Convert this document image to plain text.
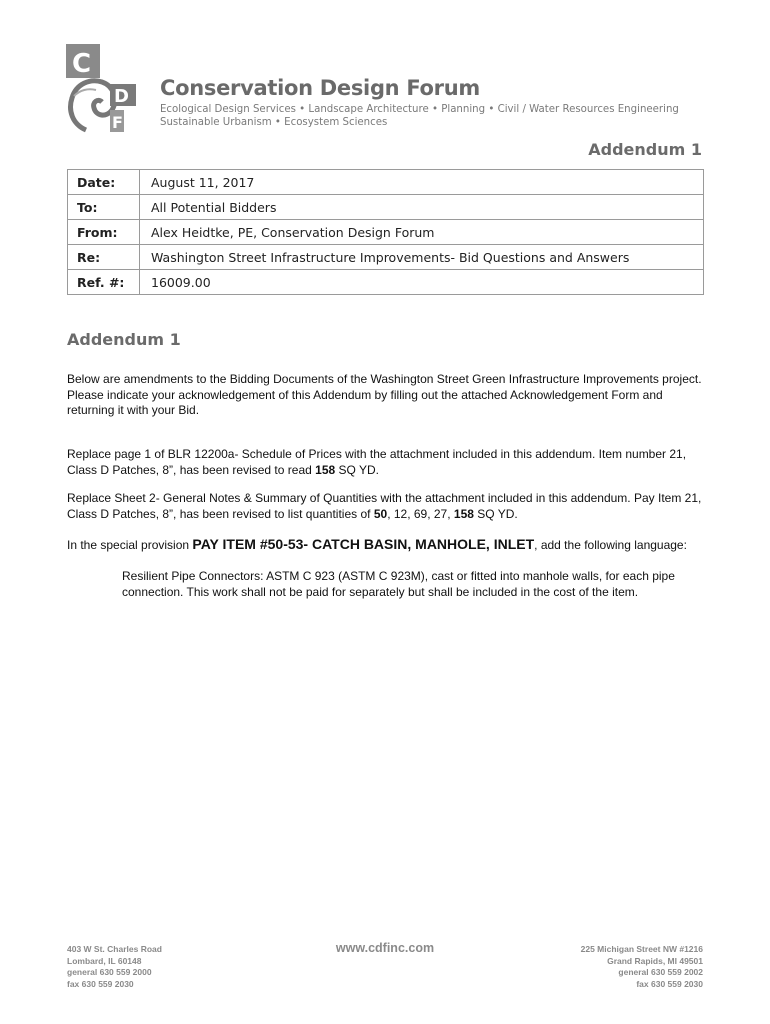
C
D
F
Conservation Design Forum

Ecological Design Services • Landscape Architecture • Planning • Civil / Water Resources Engineering
Sustainable Urbanism • Ecosystem Sciences

Addendum 1
Date:	August 11, 2017
To:	All Potential Bidders
From:	Alex Heidtke, PE, Conservation Design Forum
Re:	Washington Street Infrastructure Improvements- Bid Questions and Answers
Ref. #:	16009.00
Addendum 1

Below are amendments to the Bidding Documents of the Washington Street Green Infrastructure Improvements project. Please indicate your acknowledgement of this Addendum by filling out the attached Acknowledgement Form and returning it with your Bid.

Replace page 1 of BLR 12200a- Schedule of Prices with the attachment included in this addendum. Item number 21, Class D Patches, 8”, has been revised to read 158 SQ YD.

Replace Sheet 2- General Notes & Summary of Quantities with the attachment included in this addendum. Pay Item 21, Class D Patches, 8”, has been revised to list quantities of 50, 12, 69, 27, 158 SQ YD.

In the special provision PAY ITEM #50-53- CATCH BASIN, MANHOLE, INLET, add the following language:

Resilient Pipe Connectors: ASTM C 923 (ASTM C 923M), cast or fitted into manhole walls, for each pipe connection. This work shall not be paid for separately but shall be included in the cost of the item.

403 W St. Charles Road
Lombard, IL 60148
general 630 559 2000
fax 630 559 2030

www.cdfinc.com	225 Michigan Street NW #1216
Grand Rapids, MI 49501
general 630 559 2002
fax 630 559 2030
